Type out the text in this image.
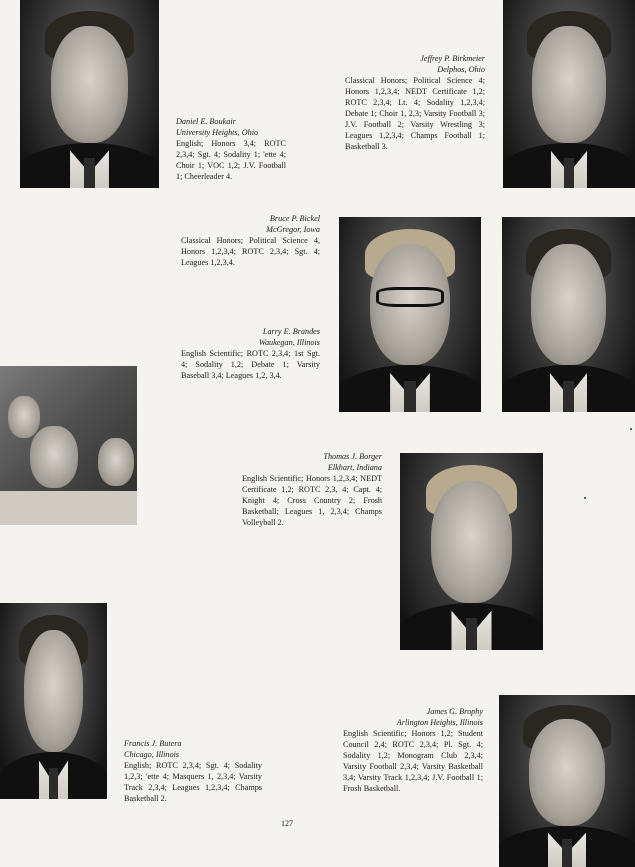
Daniel E. Boukair
University Heights, Ohio
English; Honors 3,4; ROTC 2,3,4; Sgt. 4; Sodality 1; 'ette 4; Choir 1; VOC 1,2; J.V. Football 1; Cheerleader 4.
Jeffrey P. Birkmeier
Delphos, Ohio
Classical Honors; Political Science 4; Honors 1,2,3,4; NEDT Certificate 1,2; ROTC 2,3,4; Lt. 4; Sodality 1,2,3,4; Debate 1; Choir 1, 2,3; Varsity Football 3; J.V. Football 2; Varsity Wrestling 3; Leagues 1,2,3,4; Champs Football 1; Basketball 3.
Bruce P. Bickel
McGregor, Iowa
Classical Honors; Political Science 4, Honors 1,2,3,4; ROTC 2,3,4; Sgt. 4; Leagues 1,2,3,4.
Larry E. Brandes
Waukegan, Illinois
English Scientific; ROTC 2,3,4; 1st Sgt. 4; Sodality 1,2; Debate 1; Varsity Baseball 3,4; Leagues 1,2, 3,4.
Thomas J. Borger
Elkhart, Indiana
English Scientific; Honors 1,2,3,4; NEDT Certificate 1,2; ROTC 2,3, 4; Capt. 4; Knight 4; Cross Country 2; Frosh Basketball; Leagues 1, 2,3,4; Champs Volleyball 2.
Francis J. Butera
Chicago, Illinois
English; ROTC 2,3,4; Sgt. 4; Sodality 1,2,3; 'ette 4; Masquers 1, 2,3,4; Varsity Track 2,3,4; Leagues 1,2,3,4; Champs Basketball 2.
James G. Brophy
Arlington Heights, Illinois
English Scientific; Honors 1,2; Student Council 2,4; ROTC 2,3,4; Pl. Sgt. 4; Sodality 1,2; Monogram Club 2,3,4; Varsity Football 2,3,4; Varsity Basketball 3,4; Varsity Track 1,2,3,4; J.V. Football 1; Frosh Basketball.
127
